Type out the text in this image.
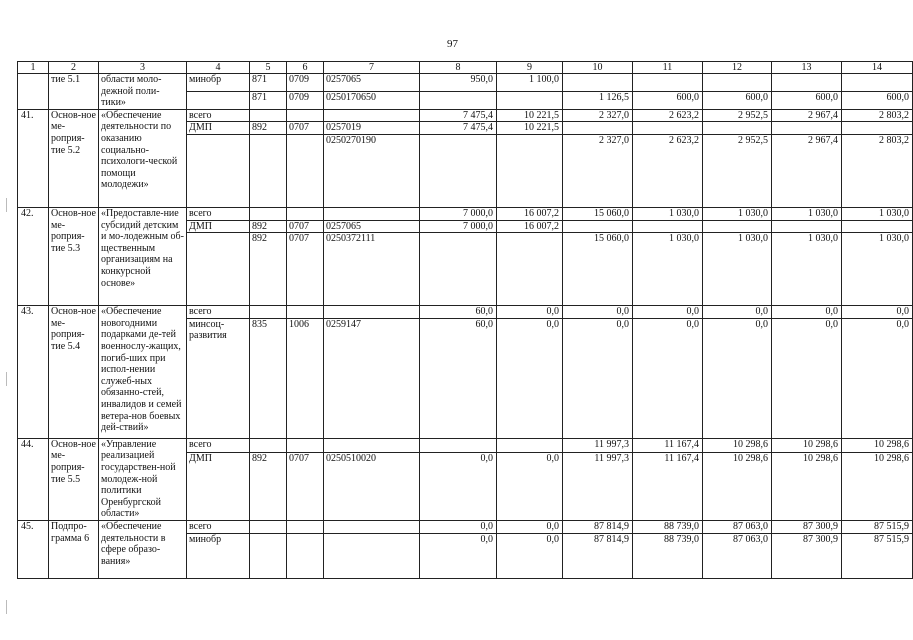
97
1	2	3	4	5	6	7	8	9	10	11	12	13	14
	тие 5.1	области моло-дежной поли-тики»	минобр	871	0709	0257065	950,0	1 100,0					
				871	0709	0250170650			1 126,5	600,0	600,0	600,0	600,0
41.	Основ-ное ме-роприя-тие 5.2	«Обеспечение деятельности по оказанию социально-психологи-ческой помощи молодежи»	всего				7 475,4	10 221,5	2 327,0	2 623,2	2 952,5	2 967,4	2 803,2
			ДМП	892	0707	0257019	7 475,4	10 221,5					
						0250270190			2 327,0	2 623,2	2 952,5	2 967,4	2 803,2
42.	Основ-ное ме-роприя-тие 5.3	«Предоставле-ние субсидий детским и мо-лодежным об-щественным организациям на конкурсной основе»	всего				7 000,0	16 007,2	15 060,0	1 030,0	1 030,0	1 030,0	1 030,0
			ДМП	892	0707	0257065	7 000,0	16 007,2					
				892	0707	0250372111			15 060,0	1 030,0	1 030,0	1 030,0	1 030,0
43.	Основ-ное ме-роприя-тие 5.4	«Обеспечение новогодними подарками де-тей военнослу-жащих, погиб-ших при испол-нении служеб-ных обязанно-стей, инвалидов и семей ветера-нов боевых дей-ствий»	всего				60,0	0,0	0,0	0,0	0,0	0,0	0,0
			минсоц-развития	835	1006	0259147	60,0	0,0	0,0	0,0	0,0	0,0	0,0
44.	Основ-ное ме-роприя-тие 5.5	«Управление реализацией государствен-ной молодеж-ной политики Оренбургской области»	всего						11 997,3	11 167,4	10 298,6	10 298,6	10 298,6
			ДМП	892	0707	0250510020	0,0	0,0	11 997,3	11 167,4	10 298,6	10 298,6	10 298,6
45.	Подпро-грамма 6	«Обеспечение деятельности в сфере образо-вания»	всего				0,0	0,0	87 814,9	88 739,0	87 063,0	87 300,9	87 515,9
			минобр				0,0	0,0	87 814,9	88 739,0	87 063,0	87 300,9	87 515,9
